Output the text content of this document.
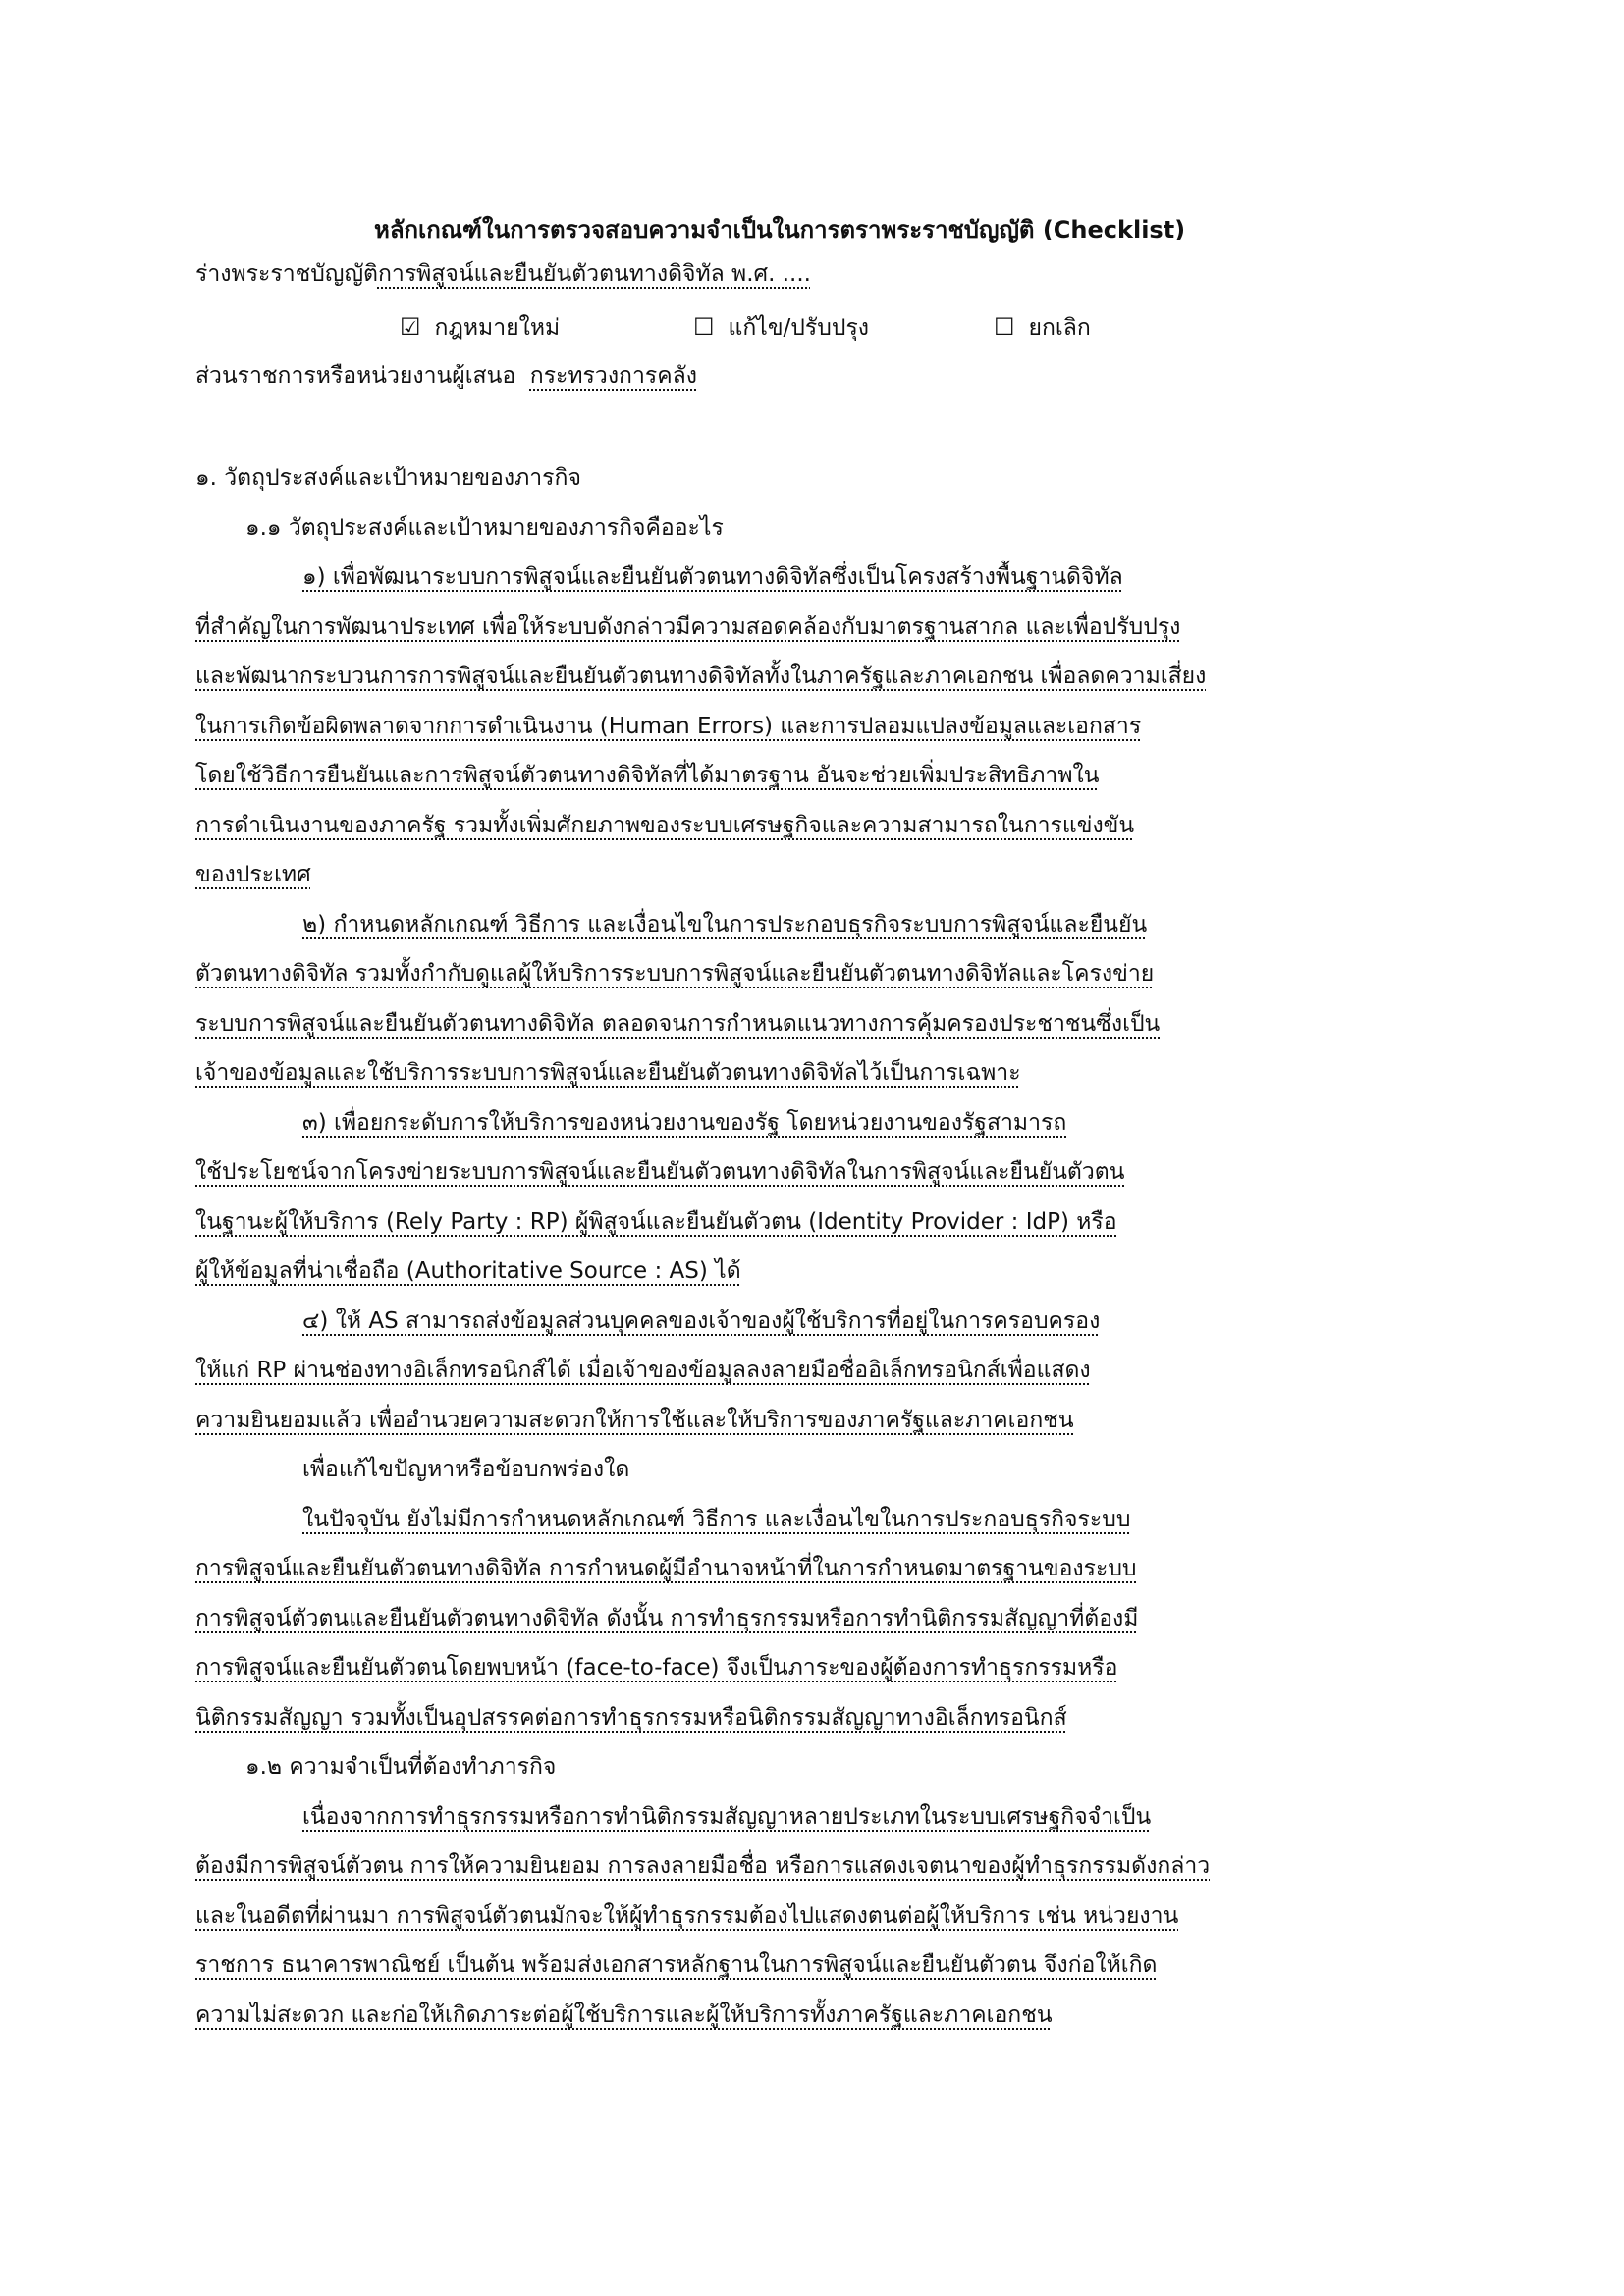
หลักเกณฑ์ในการตรวจสอบความจำเป็นในการตราพระราชบัญญัติ (Checklist)
ร่างพระราชบัญญัติการพิสูจน์และยืนยันตัวตนทางดิจิทัล พ.ศ. ....
☑ กฎหมายใหม่	☐ แก้ไข/ปรับปรุง	☐ ยกเลิก
ส่วนราชการหรือหน่วยงานผู้เสนอ กระทรวงการคลัง
๑. วัตถุประสงค์และเป้าหมายของภารกิจ
๑.๑ วัตถุประสงค์และเป้าหมายของภารกิจคืออะไร
๑) เพื่อพัฒนาระบบการพิสูจน์และยืนยันตัวตนทางดิจิทัลซึ่งเป็นโครงสร้างพื้นฐานดิจิทัล
ที่สำคัญในการพัฒนาประเทศ เพื่อให้ระบบดังกล่าวมีความสอดคล้องกับมาตรฐานสากล และเพื่อปรับปรุง
และพัฒนากระบวนการการพิสูจน์และยืนยันตัวตนทางดิจิทัลทั้งในภาครัฐและภาคเอกชน เพื่อลดความเสี่ยง
ในการเกิดข้อผิดพลาดจากการดำเนินงาน (Human Errors) และการปลอมแปลงข้อมูลและเอกสาร
โดยใช้วิธีการยืนยันและการพิสูจน์ตัวตนทางดิจิทัลที่ได้มาตรฐาน อันจะช่วยเพิ่มประสิทธิภาพใน
การดำเนินงานของภาครัฐ รวมทั้งเพิ่มศักยภาพของระบบเศรษฐกิจและความสามารถในการแข่งขัน
ของประเทศ
๒) กำหนดหลักเกณฑ์ วิธีการ และเงื่อนไขในการประกอบธุรกิจระบบการพิสูจน์และยืนยัน
ตัวตนทางดิจิทัล รวมทั้งกำกับดูแลผู้ให้บริการระบบการพิสูจน์และยืนยันตัวตนทางดิจิทัลและโครงข่าย
ระบบการพิสูจน์และยืนยันตัวตนทางดิจิทัล ตลอดจนการกำหนดแนวทางการคุ้มครองประชาชนซึ่งเป็น
เจ้าของข้อมูลและใช้บริการระบบการพิสูจน์และยืนยันตัวตนทางดิจิทัลไว้เป็นการเฉพาะ
๓) เพื่อยกระดับการให้บริการของหน่วยงานของรัฐ โดยหน่วยงานของรัฐสามารถ
ใช้ประโยชน์จากโครงข่ายระบบการพิสูจน์และยืนยันตัวตนทางดิจิทัลในการพิสูจน์และยืนยันตัวตน
ในฐานะผู้ให้บริการ (Rely Party : RP) ผู้พิสูจน์และยืนยันตัวตน (Identity Provider : IdP) หรือ
ผู้ให้ข้อมูลที่น่าเชื่อถือ (Authoritative Source : AS) ได้
๔) ให้ AS สามารถส่งข้อมูลส่วนบุคคลของเจ้าของผู้ใช้บริการที่อยู่ในการครอบครอง
ให้แก่ RP ผ่านช่องทางอิเล็กทรอนิกส์ได้ เมื่อเจ้าของข้อมูลลงลายมือชื่ออิเล็กทรอนิกส์เพื่อแสดง
ความยินยอมแล้ว เพื่ออำนวยความสะดวกให้การใช้และให้บริการของภาครัฐและภาคเอกชน
เพื่อแก้ไขปัญหาหรือข้อบกพร่องใด
ในปัจจุบัน ยังไม่มีการกำหนดหลักเกณฑ์ วิธีการ และเงื่อนไขในการประกอบธุรกิจระบบ
การพิสูจน์และยืนยันตัวตนทางดิจิทัล การกำหนดผู้มีอำนาจหน้าที่ในการกำหนดมาตรฐานของระบบ
การพิสูจน์ตัวตนและยืนยันตัวตนทางดิจิทัล ดังนั้น การทำธุรกรรมหรือการทำนิติกรรมสัญญาที่ต้องมี
การพิสูจน์และยืนยันตัวตนโดยพบหน้า (face-to-face) จึงเป็นภาระของผู้ต้องการทำธุรกรรมหรือ
นิติกรรมสัญญา รวมทั้งเป็นอุปสรรคต่อการทำธุรกรรมหรือนิติกรรมสัญญาทางอิเล็กทรอนิกส์
๑.๒ ความจำเป็นที่ต้องทำภารกิจ
เนื่องจากการทำธุรกรรมหรือการทำนิติกรรมสัญญาหลายประเภทในระบบเศรษฐกิจจำเป็น
ต้องมีการพิสูจน์ตัวตน การให้ความยินยอม การลงลายมือชื่อ หรือการแสดงเจตนาของผู้ทำธุรกรรมดังกล่าว
และในอดีตที่ผ่านมา การพิสูจน์ตัวตนมักจะให้ผู้ทำธุรกรรมต้องไปแสดงตนต่อผู้ให้บริการ เช่น หน่วยงาน
ราชการ ธนาคารพาณิชย์ เป็นต้น พร้อมส่งเอกสารหลักฐานในการพิสูจน์และยืนยันตัวตน จึงก่อให้เกิด
ความไม่สะดวก และก่อให้เกิดภาระต่อผู้ใช้บริการและผู้ให้บริการทั้งภาครัฐและภาคเอกชน
